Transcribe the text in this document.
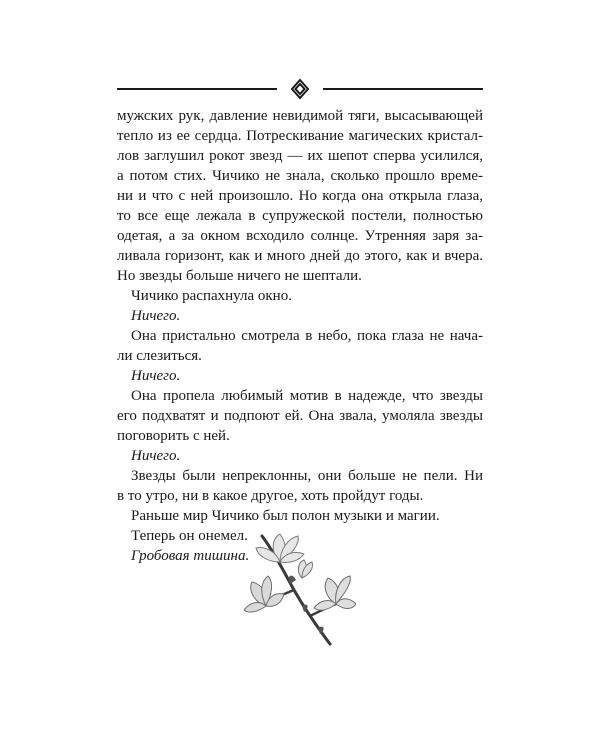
мужских рук, давление невидимой тяги, высасывающей
тепло из ее сердца. Потрескивание магических кристал-
лов заглушил рокот звезд — их шепот сперва усилился,
а потом стих. Чичико не знала, сколько прошло време-
ни и что с ней произошло. Но когда она открыла глаза,
то все еще лежала в супружеской постели, полностью
одетая, а за окном всходило солнце. Утренняя заря за-
ливала горизонт, как и много дней до этого, как и вчера.
Но звезды больше ничего не шептали.
Чичико распахнула окно.
Ничего.
Она пристально смотрела в небо, пока глаза не нача-
ли слезиться.
Ничего.
Она пропела любимый мотив в надежде, что звезды
его подхватят и подпоют ей. Она звала, умоляла звезды
поговорить с ней.
Ничего.
Звезды были непреклонны, они больше не пели. Ни
в то утро, ни в какое другое, хоть пройдут годы.
Раньше мир Чичико был полон музыки и магии.
Теперь он онемел.
Гробовая тишина.
